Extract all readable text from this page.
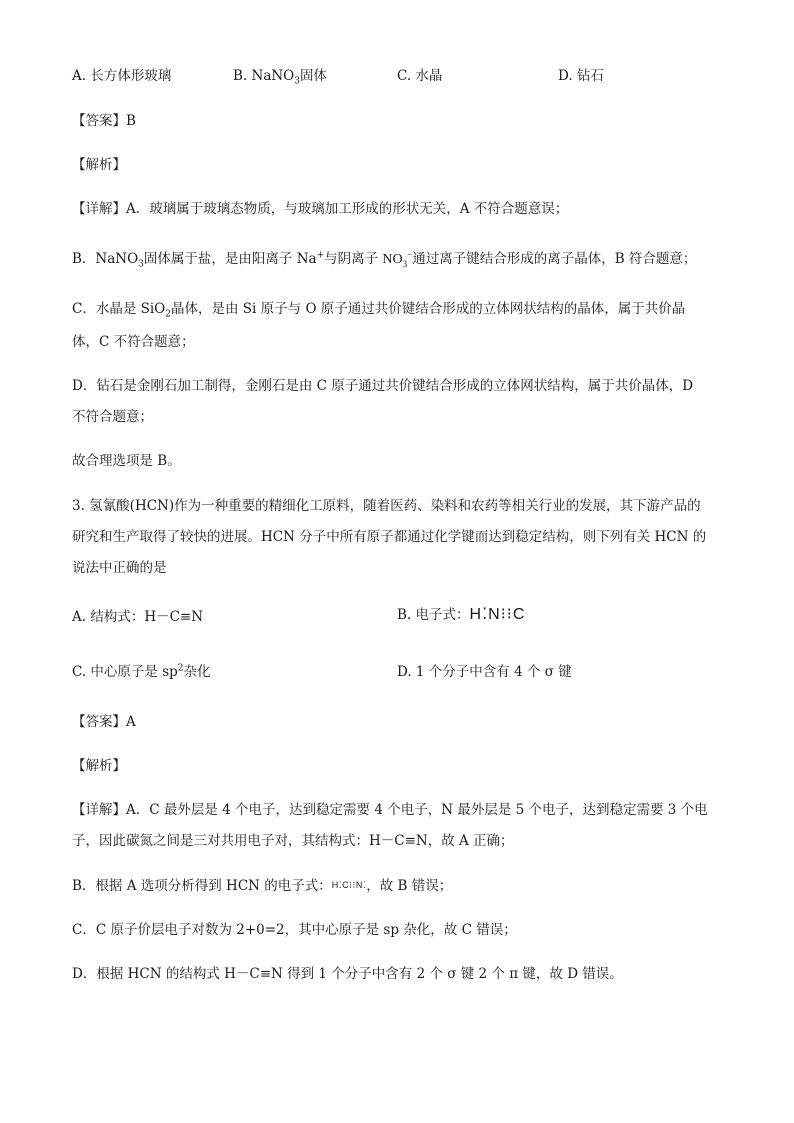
A. 长方体形玻璃	B. NaNO$_3$固体	C. 水晶	D. 钻石
【答案】B
【解析】
【详解】A．玻璃属于玻璃态物质，与玻璃加工形成的形状无关，A 不符合题意误；
B．NaNO$_3$固体属于盐，是由阳离子 Na+与阴离子 $NO_3^-$通过离子键结合形成的离子晶体，B 符合题意；
C．水晶是 SiO$_2$晶体，是由 Si 原子与 O 原子通过共价键结合形成的立体网状结构的晶体，属于共价晶
体，C 不符合题意；
D．钻石是金刚石加工制得，金刚石是由 C 原子通过共价键结合形成的立体网状结构，属于共价晶体，D
不符合题意；
故合理选项是 B。
3. 氢氰酸(HCN)作为一种重要的精细化工原料，随着医药、染料和农药等相关行业的发展，其下游产品的
研究和生产取得了较快的进展。HCN 分子中所有原子都通过化学键而达到稳定结构，则下列有关 HCN 的
说法中正确的是
A. 结构式：H－C≡N	B. 电子式：H⁚N⁝⁝C
C. 中心原子是 $sp^2$杂化	D. 1 个分子中含有 4 个 σ 键
【答案】A
【解析】
【详解】A．C 最外层是 4 个电子，达到稳定需要 4 个电子，N 最外层是 5 个电子，达到稳定需要 3 个电
子，因此碳氮之间是三对共用电子对，其结构式：H－C≡N，故 A 正确；
B．根据 A 选项分析得到 HCN 的电子式：H⁚C⁝⁝N⁚，故 B 错误；
C．C 原子价层电子对数为 2+0=2，其中心原子是 sp 杂化，故 C 错误；
D．根据 HCN 的结构式 H－C≡N 得到 1 个分子中含有 2 个 σ 键 2 个 π 键，故 D 错误。
